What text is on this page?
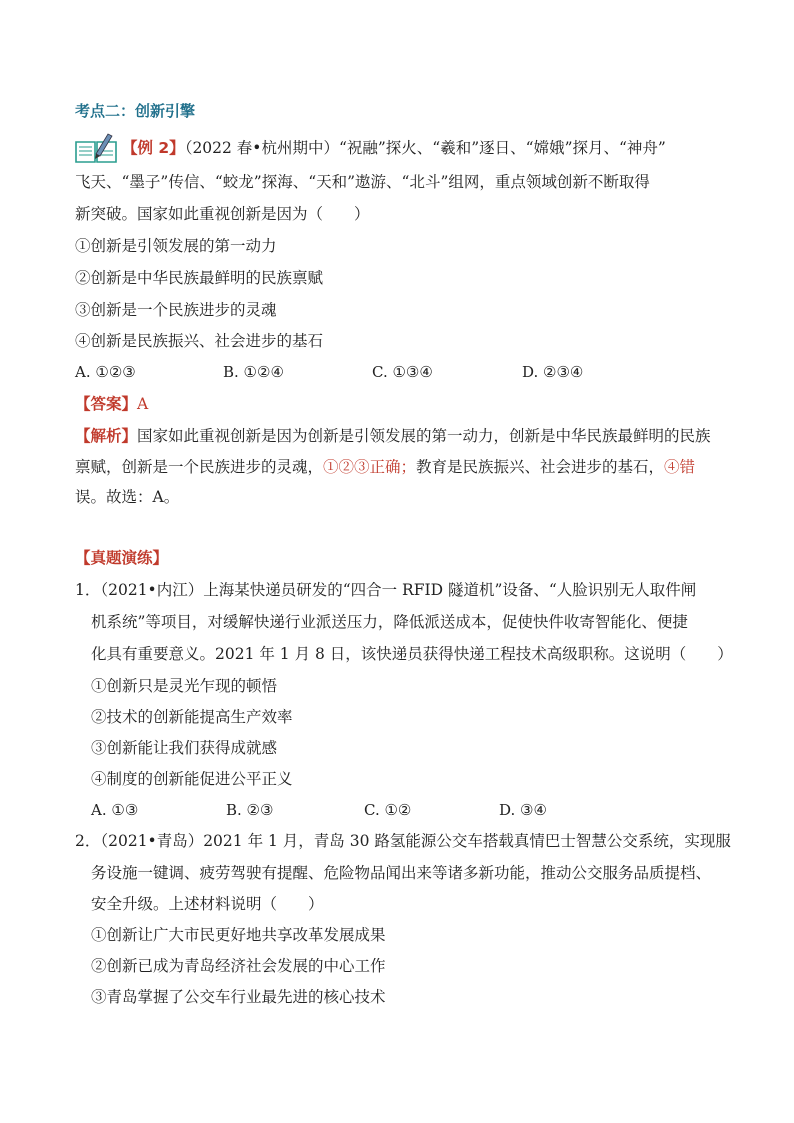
考点二：创新引擎
【例 2】（2022 春•杭州期中）“祝融”探火、“羲和”逐日、“嫦娥”探月、“神舟”
飞天、“墨子”传信、“蛟龙”探海、“天和”遨游、“北斗”组网，重点领域创新不断取得
新突破。国家如此重视创新是因为（　　）
①创新是引领发展的第一动力
②创新是中华民族最鲜明的民族禀赋
③创新是一个民族进步的灵魂
④创新是民族振兴、社会进步的基石
A. ①②③	B. ①②④	C. ①③④	D. ②③④
【答案】A
【解析】国家如此重视创新是因为创新是引领发展的第一动力，创新是中华民族最鲜明的民族
禀赋，创新是一个民族进步的灵魂，①②③正确；教育是民族振兴、社会进步的基石，④错
误。故选：A。
【真题演练】
1．（2021•内江）上海某快递员研发的“四合一 RFID 隧道机”设备、“人脸识别无人取件闸
机系统”等项目，对缓解快递行业派送压力，降低派送成本，促使快件收寄智能化、便捷
化具有重要意义。2021 年 1 月 8 日，该快递员获得快递工程技术高级职称。这说明（　　）
①创新只是灵光乍现的顿悟
②技术的创新能提高生产效率
③创新能让我们获得成就感
④制度的创新能促进公平正义
A. ①③	B. ②③	C. ①②	D. ③④
2．（2021•青岛）2021 年 1 月，青岛 30 路氢能源公交车搭载真情巴士智慧公交系统，实现服
务设施一键调、疲劳驾驶有提醒、危险物品闻出来等诸多新功能，推动公交服务品质提档、
安全升级。上述材料说明（　　）
①创新让广大市民更好地共享改革发展成果
②创新已成为青岛经济社会发展的中心工作
③青岛掌握了公交车行业最先进的核心技术
